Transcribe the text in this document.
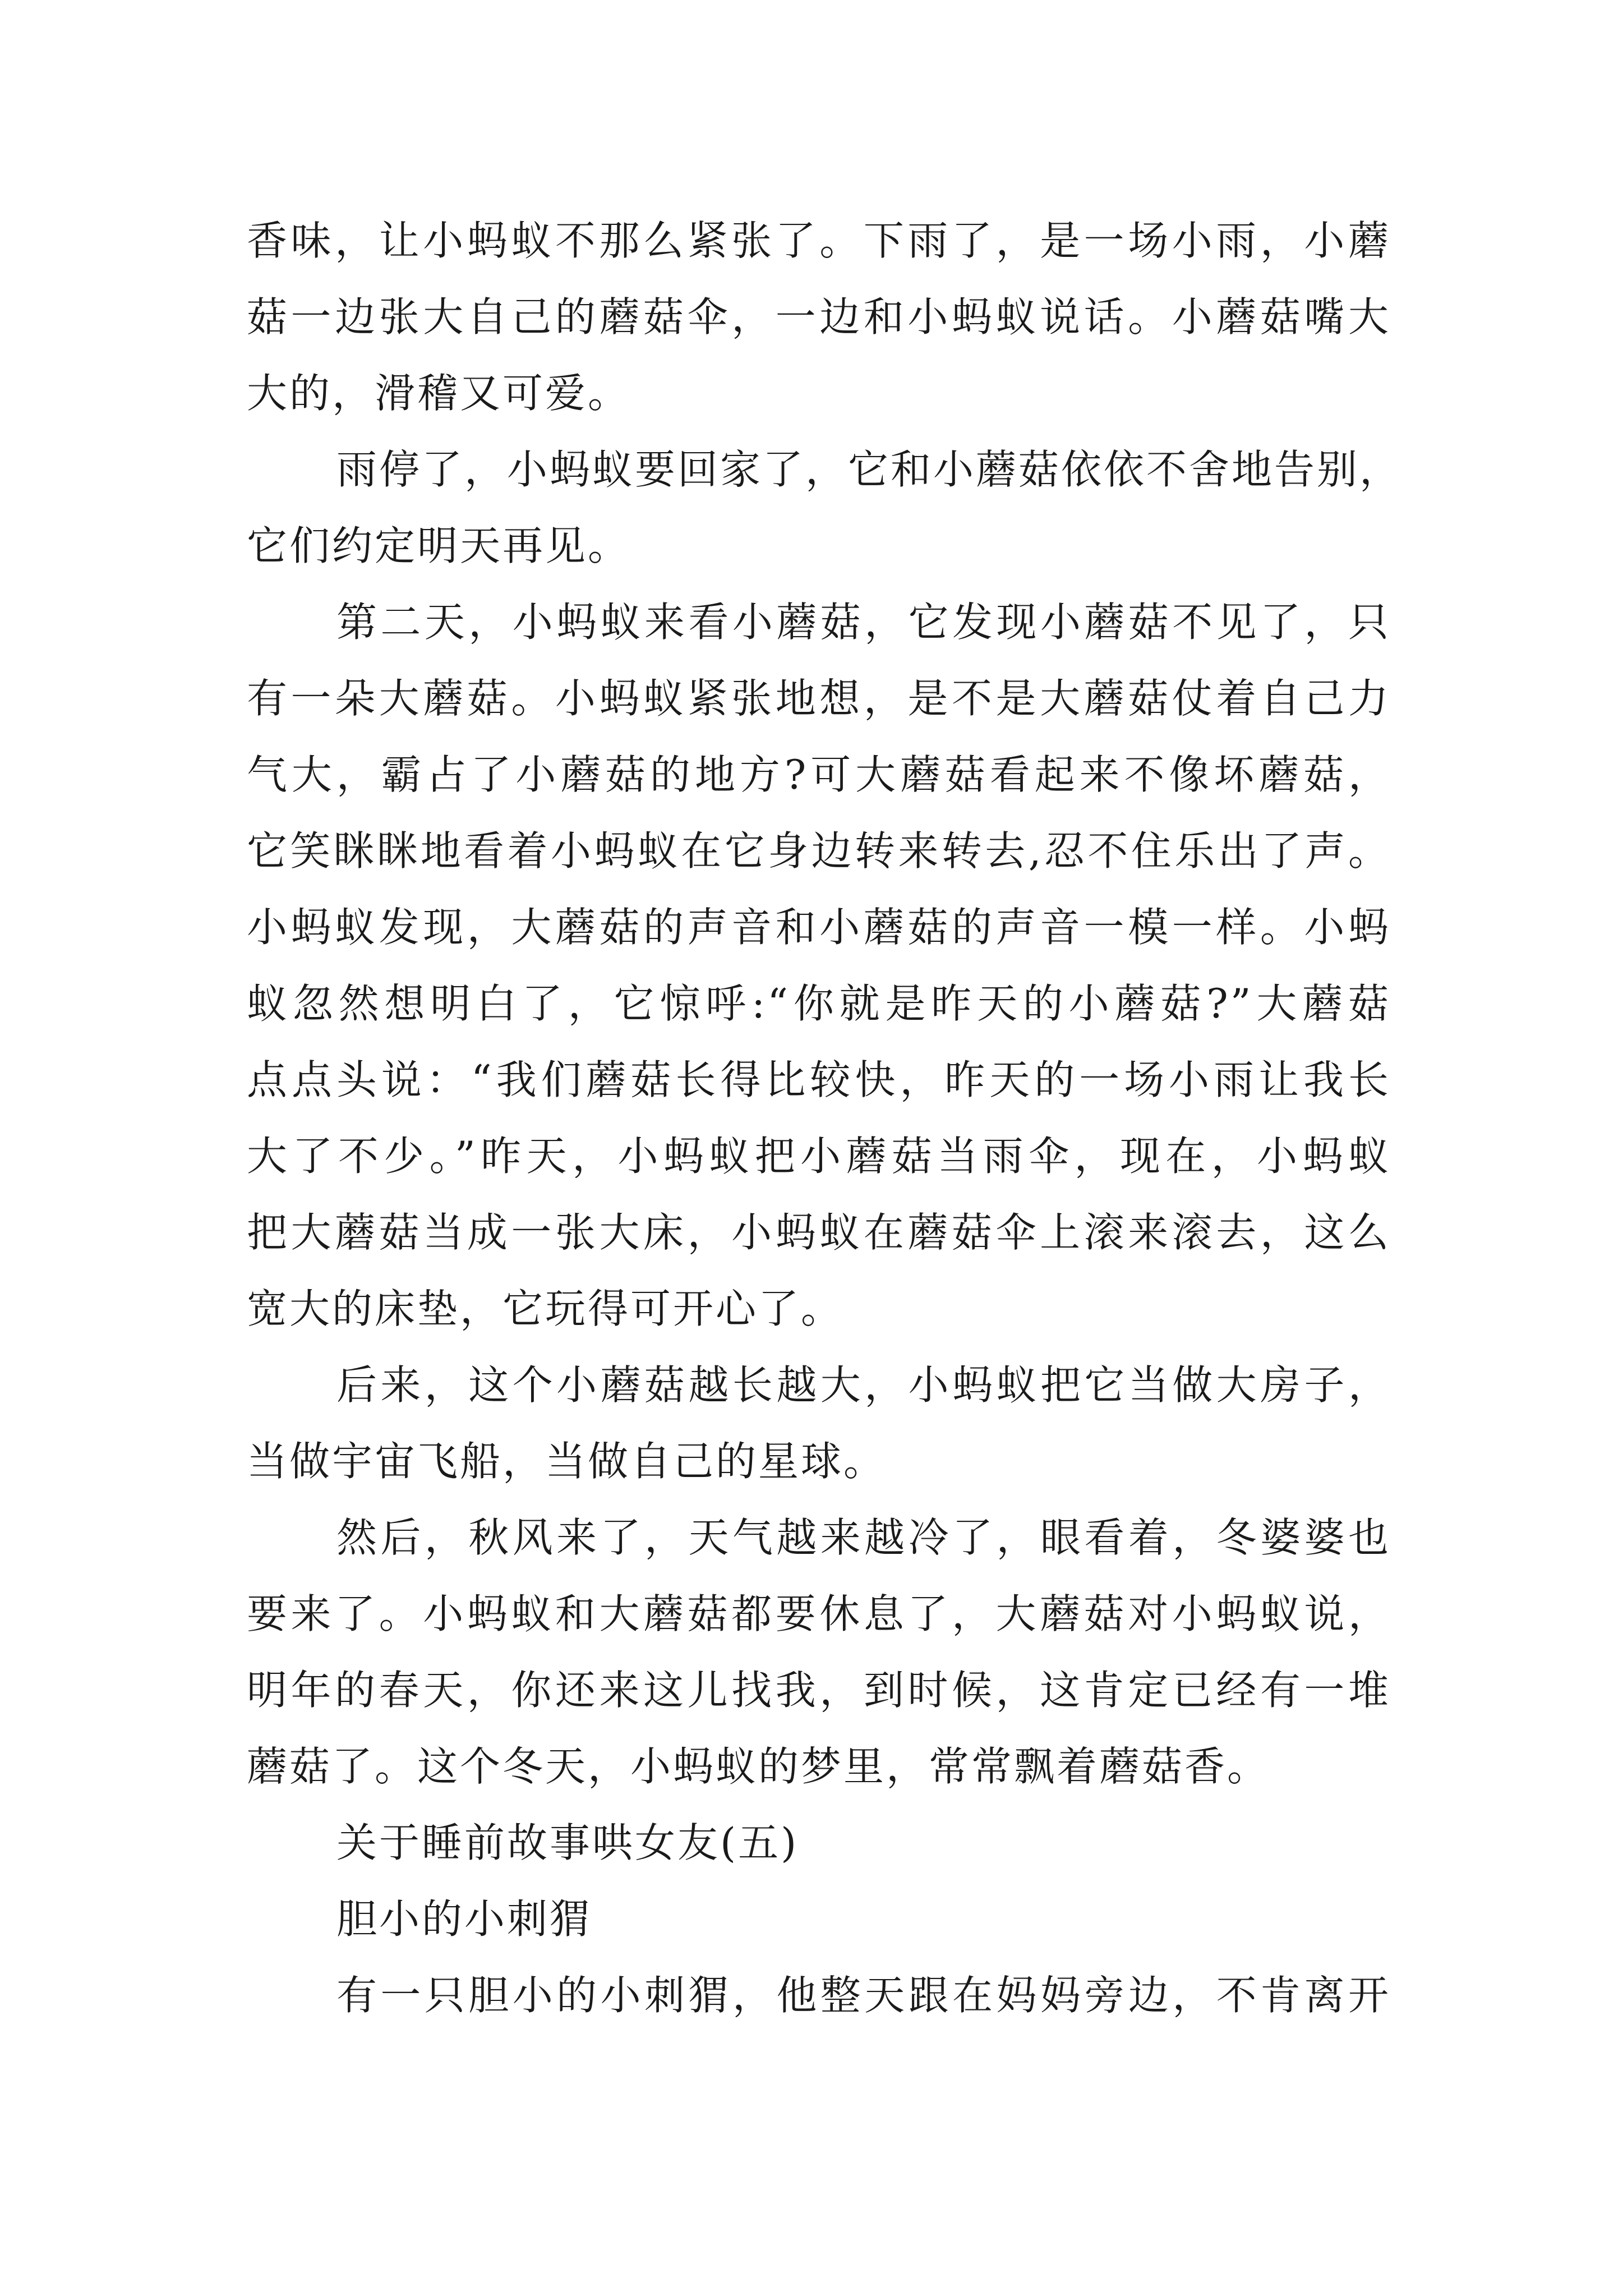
香味，让小蚂蚁不那么紧张了。下雨了，是一场小雨，小蘑
菇一边张大自己的蘑菇伞，一边和小蚂蚁说话。小蘑菇嘴大
大的，滑稽又可爱。
雨停了，小蚂蚁要回家了，它和小蘑菇依依不舍地告别，
它们约定明天再见。
第二天，小蚂蚁来看小蘑菇，它发现小蘑菇不见了，只
有一朵大蘑菇。小蚂蚁紧张地想，是不是大蘑菇仗着自己力
气大，霸占了小蘑菇的地方?可大蘑菇看起来不像坏蘑菇，
它笑眯眯地看着小蚂蚁在它身边转来转去,忍不住乐出了声。
小蚂蚁发现，大蘑菇的声音和小蘑菇的声音一模一样。小蚂
蚁忽然想明白了，它惊呼:“你就是昨天的小蘑菇?”大蘑菇
点点头说：“我们蘑菇长得比较快，昨天的一场小雨让我长
大了不少。”昨天，小蚂蚁把小蘑菇当雨伞，现在，小蚂蚁
把大蘑菇当成一张大床，小蚂蚁在蘑菇伞上滚来滚去，这么
宽大的床垫，它玩得可开心了。
后来，这个小蘑菇越长越大，小蚂蚁把它当做大房子，
当做宇宙飞船，当做自己的星球。
然后，秋风来了，天气越来越冷了，眼看着，冬婆婆也
要来了。小蚂蚁和大蘑菇都要休息了，大蘑菇对小蚂蚁说，
明年的春天，你还来这儿找我，到时候，这肯定已经有一堆
蘑菇了。这个冬天，小蚂蚁的梦里，常常飘着蘑菇香。
关于睡前故事哄女友(五)
胆小的小刺猬
有一只胆小的小刺猬，他整天跟在妈妈旁边，不肯离开
